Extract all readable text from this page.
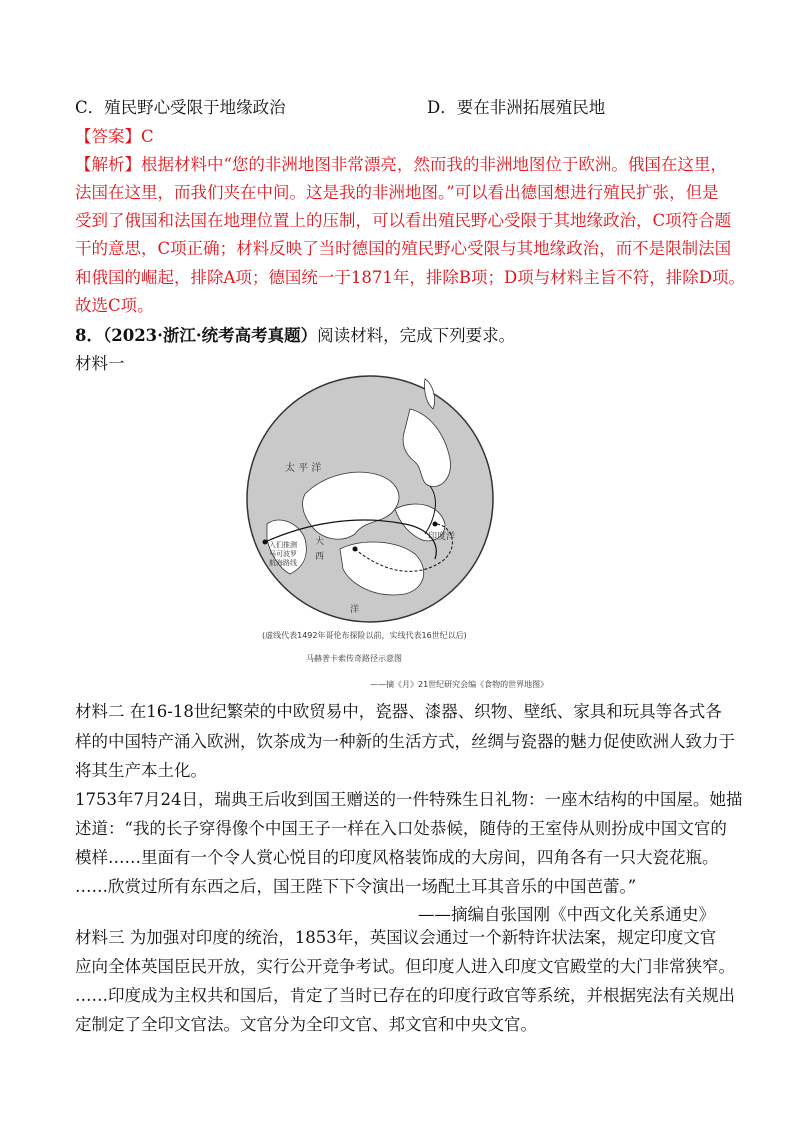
C．殖民野心受限于地缘政治	D．要在非洲拓展殖民地
【答案】C
【解析】根据材料中“您的非洲地图非常漂亮，然而我的非洲地图位于欧洲。俄国在这里，
法国在这里，而我们夹在中间。这是我的非洲地图。”可以看出德国想进行殖民扩张，但是
受到了俄国和法国在地理位置上的压制，可以看出殖民野心受限于其地缘政治，C项符合题
干的意思，C项正确；材料反映了当时德国的殖民野心受限与其地缘政治，而不是限制法国
和俄国的崛起，排除A项；德国统一于1871年，排除B项；D项与材料主旨不符，排除D项。
故选C项。
8．（2023·浙江·统考高考真题）阅读材料，完成下列要求。
材料一
太 平 洋
印度洋
大
西
洋
入们推测
马可波罗
航海路线
(虚线代表1492年哥伦布探险以前，实线代表16世纪以后)
马赫普卡索传奇路径示意图
——摘《月》21世纪研究会编《食物的世界地图》
材料二 在16-18世纪繁荣的中欧贸易中，瓷器、漆器、织物、壁纸、家具和玩具等各式各
样的中国特产涌入欧洲，饮茶成为一种新的生活方式，丝绸与瓷器的魅力促使欧洲人致力于
将其生产本土化。
1753年7月24日，瑞典王后收到国王赠送的一件特殊生日礼物：一座木结构的中国屋。她描
述道：“我的长子穿得像个中国王子一样在入口处恭候，随侍的王室侍从则扮成中国文官的
模样……里面有一个令人赏心悦目的印度风格装饰成的大房间，四角各有一只大瓷花瓶。
……欣赏过所有东西之后，国王陛下下令演出一场配土耳其音乐的中国芭蕾。”
——摘编自张国刚《中西文化关系通史》
材料三 为加强对印度的统治，1853年，英国议会通过一个新特许状法案，规定印度文官
应向全体英国臣民开放，实行公开竞争考试。但印度人进入印度文官殿堂的大门非常狭窄。
……印度成为主权共和国后，肯定了当时已存在的印度行政官等系统，并根据宪法有关规出
定制定了全印文官法。文官分为全印文官、邦文官和中央文官。
